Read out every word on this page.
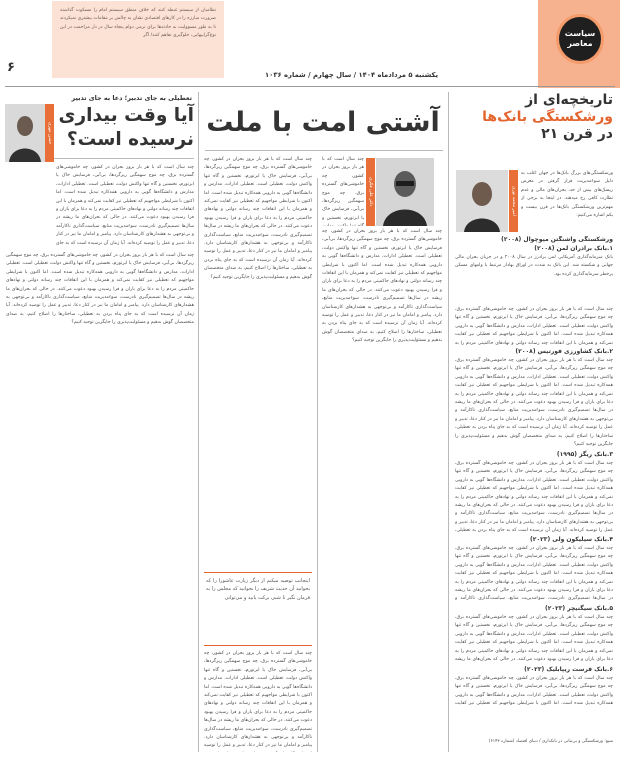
۶	یکشنبه ۵ مرداد‌ماه ۱۴۰۴ / سال چهارم / شماره ۱۰۳۶
سیاست
معاصر
نظامیان از سیستم غبطه کنند که خلاف منطق سیستم امام را مسکوت گذاشته ضرورت مبارزه را در کارهای اقتصادی نشان به چالش بر مقامات بیشتری نمیکردند تا به طور مسوولیت به حادثه‌ها برای نرمی دوام پنجاه سال در دل مزاحمت در این نوع‌گراییهایی، جلوگیری تفاهم کنند/ اگر
تاریخچه‌ای از
ورشکستگی بانک‌ها
در قرن ۲۱
امیر محمد نوری
ورشکستگی‌های بزرگ بانک‌ها در جهان اغلب به دلیل سوءمدیریت قرار گرفتن در معرض ریسک‌های بیش از حد، بحران‌های مالی و عدم نظارت کافی رخ میدهند. در اینجا به برخی از مهم‌ترین ورشکستگی بانک‌ها در قرن بیست و یکم اشاره می‌کنیم:
ورشکستگی واشنگتن میوچوال (۲۰۰۸)
۱.بانک برادران لمن (۲۰۰۸)
بانک سرمایه‌گذاری آمریکایی لمن برادرز در سال ۲۰۰۸ و در جریان بحران مالی جهانی و شکسته شد. این بانک به شدت در اوراق بهادار مرتبط با وامهای مسکن پرخطر سرمایه‌گذاری کرده بود.
چند سال است که با هر بار بروز بحران در کشور، چه خاموشی‌های گسترده برق، چه موج سهمگین ریزگردها، بی‌آبی، فرسایش خاک یا ابرتورم، نخستین و گاه تنها واکنش دولت، تعطیلی است. تعطیلی ادارات، مدارس و دانشگاه‌ها گویی به دارویی همه‌کاره تبدیل شده است. اما اکنون با شرایطی مواجهیم که تعطیلی نیز کفایت نمی‌کند و همزمان با این اتفاقات چند رسانه دولتی و نهادهای حاکمیتی مردم را به
۲.بانک کشاورزی فورتیس (۲۰۰۸)
چند سال است که با هر بار بروز بحران در کشور، چه خاموشی‌های گسترده برق، چه موج سهمگین ریزگردها، بی‌آبی، فرسایش خاک یا ابرتورم، نخستین و گاه تنها واکنش دولت، تعطیلی است. تعطیلی ادارات، مدارس و دانشگاه‌ها گویی به دارویی همه‌کاره تبدیل شده است. اما اکنون با شرایطی مواجهیم که تعطیلی نیز کفایت نمی‌کند و همزمان با این اتفاقات چند رسانه دولتی و نهادهای حاکمیتی مردم را به دعا برای باران و فرا رسیدن بهبود دعوت می‌کنند. در حالی که بحران‌های ما ریشه در سال‌ها تصمیم‌گیری نادرست، سوء‌مدیریت منابع، سیاست‌گذاری ناکارآمد و بی‌توجهی به هشدارهای کارشناسان دارد. پیامبر و امامان ما نیز در کنار دعا، تدبیر و عمل را توصیه کرده‌اند. آیا زمان آن نرسیده است که به جای پناه بردن به تعطیلی، ساختارها را اصلاح کنیم، به صدای متخصصان گوش بدهیم و مسئولیت‌پذیری را جایگزین توجیه کنیم؟
۳.بانک ریگز (۱۹۹۵)
چند سال است که با هر بار بروز بحران در کشور، چه خاموشی‌های گسترده برق، چه موج سهمگین ریزگردها، بی‌آبی، فرسایش خاک یا ابرتورم، نخستین و گاه تنها واکنش دولت، تعطیلی است. تعطیلی ادارات، مدارس و دانشگاه‌ها گویی به دارویی همه‌کاره تبدیل شده است. اما اکنون با شرایطی مواجهیم که تعطیلی نیز کفایت نمی‌کند و همزمان با این اتفاقات چند رسانه دولتی و نهادهای حاکمیتی مردم را به دعا برای باران و فرا رسیدن بهبود دعوت می‌کنند. در حالی که بحران‌های ما ریشه در سال‌ها تصمیم‌گیری نادرست، سوء‌مدیریت منابع، سیاست‌گذاری ناکارآمد و بی‌توجهی به هشدارهای کارشناسان دارد. پیامبر و امامان ما نیز در کنار دعا، تدبیر و عمل را توصیه کرده‌اند. آیا زمان آن نرسیده است که به جای پناه بردن به تعطیلی،
۴.بانک سیلیکون ولی (۲۰۲۳)
چند سال است که با هر بار بروز بحران در کشور، چه خاموشی‌های گسترده برق، چه موج سهمگین ریزگردها، بی‌آبی، فرسایش خاک یا ابرتورم، نخستین و گاه تنها واکنش دولت، تعطیلی است. تعطیلی ادارات، مدارس و دانشگاه‌ها گویی به دارویی همه‌کاره تبدیل شده است. اما اکنون با شرایطی مواجهیم که تعطیلی نیز کفایت نمی‌کند و همزمان با این اتفاقات چند رسانه دولتی و نهادهای حاکمیتی مردم را به دعا برای باران و فرا رسیدن بهبود دعوت می‌کنند. در حالی که بحران‌های ما ریشه در سال‌ها تصمیم‌گیری نادرست، سوء‌مدیریت منابع، سیاست‌گذاری ناکارآمد و
۵.بانک سیگنیچر (۲۰۲۳)
چند سال است که با هر بار بروز بحران در کشور، چه خاموشی‌های گسترده برق، چه موج سهمگین ریزگردها، بی‌آبی، فرسایش خاک یا ابرتورم، نخستین و گاه تنها واکنش دولت، تعطیلی است. تعطیلی ادارات، مدارس و دانشگاه‌ها گویی به دارویی همه‌کاره تبدیل شده است. اما اکنون با شرایطی مواجهیم که تعطیلی نیز کفایت نمی‌کند و همزمان با این اتفاقات چند رسانه دولتی و نهادهای حاکمیتی مردم را به دعا برای باران و فرا رسیدن بهبود دعوت می‌کنند. در حالی که بحران‌های ما ریشه
۶.بانک فرست ریپابلیک (۲۰۲۳)
چند سال است که با هر بار بروز بحران در کشور، چه خاموشی‌های گسترده برق، چه موج سهمگین ریزگردها، بی‌آبی، فرسایش خاک یا ابرتورم، نخستین و گاه تنها واکنش دولت، تعطیلی است. تعطیلی ادارات، مدارس و دانشگاه‌ها گویی به دارویی همه‌کاره تبدیل شده است. اما اکنون با شرایطی مواجهیم که تعطیلی نیز کفایت
منبع: ورشکستگی و بی‌ثباتی در بانکداری / دنیای اقتصاد (شماره ۶۱۴۳)
آشتی امت با ملت
دکتر علی فکری
چند سال است که با هر بار بروز بحران در کشور، چه خاموشی‌های گسترده برق، چه موج سهمگین ریزگردها، بی‌آبی، فرسایش خاک یا ابرتورم، نخستین و گاه تنها واکنش دولت، تعطیلی است. تعطیلی ادارات، مدارس و دانشگاه‌ها گویی به دارویی همه‌کاره تبدیل شده است. اما اکنون با شرایطی مواجهیم که تعطیلی نیز کفایت نمی‌کند و همزمان با این اتفاقات چند رسانه دولتی و نهادهای حاکمیتی مردم را به دعا برای باران و فرا رسیدن بهبود دعوت می‌کنند. در حالی که بحران‌های ما ریشه در سال‌ها تصمیم‌گیری نادرست، سوء‌مدیریت منابع، سیاست‌گذاری ناکارآمد و بی‌توجهی به هشدارهای کارشناسان دارد. پیامبر و امامان ما نیز در کنار دعا، تدبیر و عمل را توصیه کرده‌اند. آیا زمان آن نرسیده است که به جای پناه بردن به تعطیلی، ساختارها را اصلاح کنیم، به صدای متخصصان گوش بدهیم و مسئولیت‌پذیری را جایگزین توجیه کنیم؟
چند سال است که با هر بار بروز بحران در کشور، چه خاموشی‌های گسترده برق، چه موج سهمگین ریزگردها، بی‌آبی، فرسایش خاک یا ابرتورم، نخستین و
چند سال است که با هر بار بروز بحران در کشور، چه خاموشی‌های گسترده برق، چه موج سهمگین ریزگردها، بی‌آبی، فرسایش خاک یا ابرتورم، نخستین و گاه تنها واکنش دولت، تعطیلی است. تعطیلی ادارات، مدارس و دانشگاه‌ها گویی به دارویی همه‌کاره تبدیل شده است. اما اکنون با شرایطی مواجهیم که تعطیلی نیز کفایت نمی‌کند و همزمان با این اتفاقات چند رسانه دولتی و نهادهای حاکمیتی مردم را به دعا برای باران و فرا رسیدن بهبود دعوت می‌کنند. در حالی که بحران‌های ما ریشه در سال‌ها تصمیم‌گیری نادرست، سوء‌مدیریت منابع، سیاست‌گذاری ناکارآمد و بی‌توجهی به هشدارهای کارشناسان دارد. پیامبر و امامان ما نیز در کنار دعا، تدبیر و عمل را توصیه کرده‌اند. آیا زمان آن نرسیده است که به جای پناه بردن به تعطیلی، ساختارها را اصلاح کنیم، به صدای متخصصان گوش بدهیم و مسئولیت‌پذیری را جایگزین توجیه کنیم؟
اینجانب توصیه میکنم از دیگر زیارت عاشورا را که بخوانید آن حدیث شریف را بخوانید که مجلس را به فرمان نگیر تا شبی برکت یابید و می‌توانی
چند سال است که با هر بار بروز بحران در کشور، چه خاموشی‌های گسترده برق، چه موج سهمگین ریزگردها، بی‌آبی، فرسایش خاک یا ابرتورم، نخستین و گاه تنها واکنش دولت، تعطیلی است. تعطیلی ادارات، مدارس و دانشگاه‌ها گویی به دارویی همه‌کاره تبدیل شده است. اما اکنون با شرایطی مواجهیم که تعطیلی نیز کفایت نمی‌کند و همزمان با این اتفاقات چند رسانه دولتی و نهادهای حاکمیتی مردم را به دعا برای باران و فرا رسیدن بهبود دعوت می‌کنند. در حالی که بحران‌های ما ریشه در سال‌ها تصمیم‌گیری نادرست، سوء‌مدیریت منابع، سیاست‌گذاری ناکارآمد و بی‌توجهی به هشدارهای کارشناسان دارد. پیامبر و امامان ما نیز در کنار دعا، تدبیر و عمل را توصیه
تعطیلی به جای تدبیر؛ دعا به جای تدبیر
آیا وقت بیداری
نرسیده است؟
حسن مهری
چند سال است که با هر بار بروز بحران در کشور، چه خاموشی‌های گسترده برق، چه موج سهمگین ریزگردها، بی‌آبی، فرسایش خاک یا ابرتورم، نخستین و گاه تنها واکنش دولت، تعطیلی است. تعطیلی ادارات، مدارس و دانشگاه‌ها گویی به دارویی همه‌کاره تبدیل شده است. اما اکنون با شرایطی مواجهیم که تعطیلی نیز کفایت نمی‌کند و همزمان با این اتفاقات چند رسانه دولتی و نهادهای حاکمیتی مردم را به دعا برای باران و فرا رسیدن بهبود دعوت می‌کنند. در حالی که بحران‌های ما ریشه در سال‌ها تصمیم‌گیری نادرست، سوء‌مدیریت منابع، سیاست‌گذاری ناکارآمد و بی‌توجهی به هشدارهای کارشناسان دارد. پیامبر و امامان ما نیز در کنار دعا، تدبیر و عمل را توصیه کرده‌اند. آیا زمان آن نرسیده است که به جای
چند سال است که با هر بار بروز بحران در کشور، چه خاموشی‌های گسترده برق، چه موج سهمگین ریزگردها، بی‌آبی، فرسایش خاک یا ابرتورم، نخستین و گاه تنها واکنش دولت، تعطیلی است. تعطیلی ادارات، مدارس و دانشگاه‌ها گویی به دارویی همه‌کاره تبدیل شده است. اما اکنون با شرایطی مواجهیم که تعطیلی نیز کفایت نمی‌کند و همزمان با این اتفاقات چند رسانه دولتی و نهادهای حاکمیتی مردم را به دعا برای باران و فرا رسیدن بهبود دعوت می‌کنند. در حالی که بحران‌های ما ریشه در سال‌ها تصمیم‌گیری نادرست، سوء‌مدیریت منابع، سیاست‌گذاری ناکارآمد و بی‌توجهی به هشدارهای کارشناسان دارد. پیامبر و امامان ما نیز در کنار دعا، تدبیر و عمل را توصیه کرده‌اند. آیا زمان آن نرسیده است که به جای پناه بردن به تعطیلی، ساختارها را اصلاح کنیم، به صدای متخصصان گوش بدهیم و مسئولیت‌پذیری را جایگزین توجیه کنیم؟
